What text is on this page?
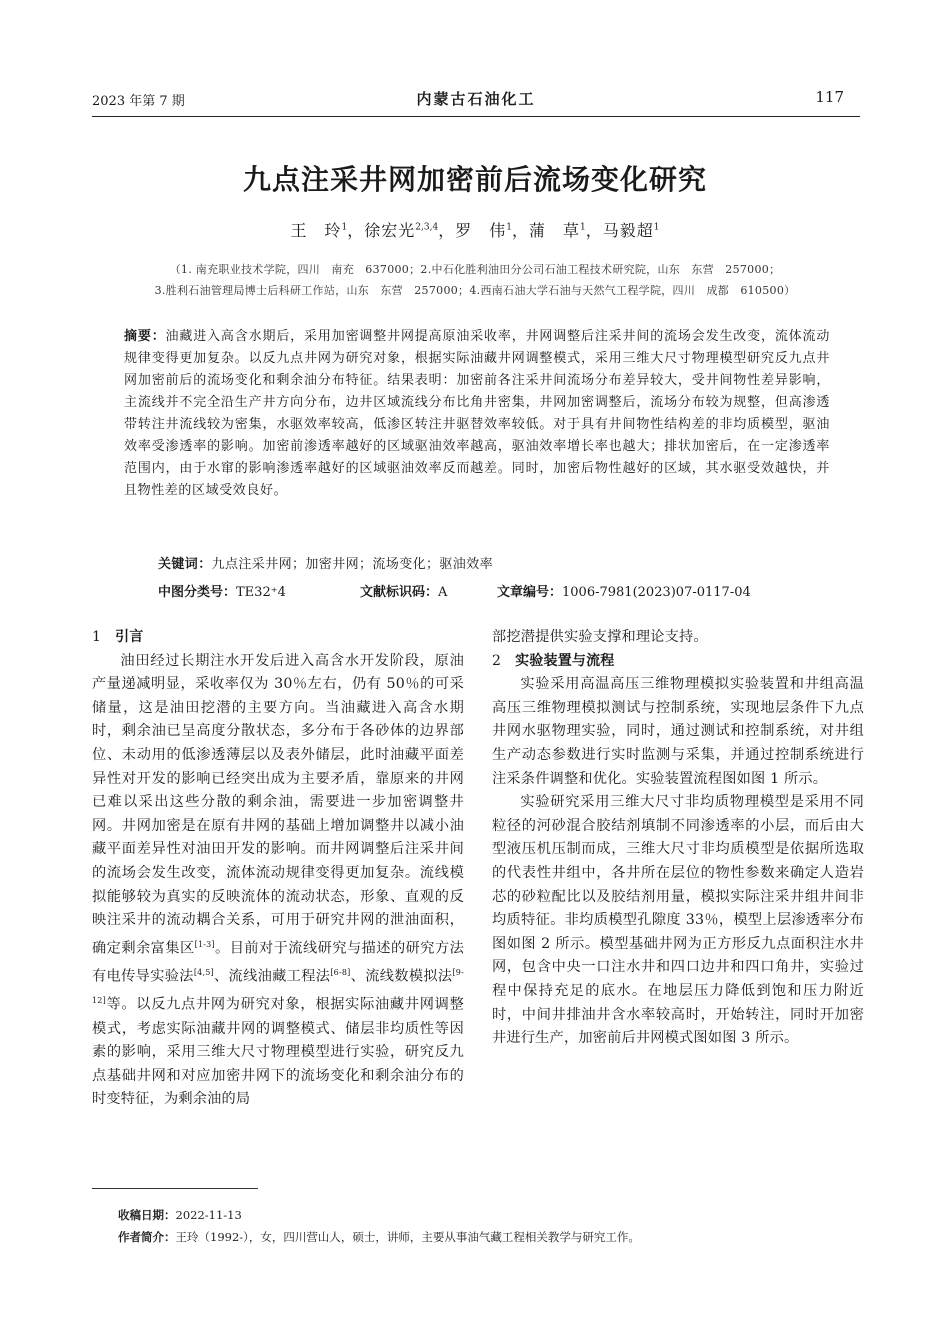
2023 年第 7 期	内蒙古石油化工	117
九点注采井网加密前后流场变化研究
王　玲$^1$，徐宏光$^{2,3,4}$，罗　伟$^1$，蒲　草$^1$，马毅超$^1$
（1. 南充职业技术学院，四川　南充　637000；2.中石化胜利油田分公司石油工程技术研究院，山东　东营　257000；
3.胜利石油管理局博士后科研工作站，山东　东营　257000；4.西南石油大学石油与天然气工程学院，四川　成都　610500）
摘要：油藏进入高含水期后，采用加密调整井网提高原油采收率，井网调整后注采井间的流场会发生改变，流体流动规律变得更加复杂。以反九点井网为研究对象，根据实际油藏井网调整模式，采用三维大尺寸物理模型研究反九点井网加密前后的流场变化和剩余油分布特征。结果表明：加密前各注采井间流场分布差异较大，受井间物性差异影响，主流线并不完全沿生产井方向分布，边井区域流线分布比角井密集，井网加密调整后，流场分布较为规整，但高渗透带转注井流线较为密集，水驱效率较高，低渗区转注井驱替效率较低。对于具有井间物性结构差的非均质模型，驱油效率受渗透率的影响。加密前渗透率越好的区域驱油效率越高，驱油效率增长率也越大；排状加密后，在一定渗透率范围内，由于水窜的影响渗透率越好的区域驱油效率反而越差。同时，加密后物性越好的区域，其水驱受效越快，并且物性差的区域受效良好。
关键词：九点注采井网；加密井网；流场变化；驱油效率
中图分类号：TE32⁺4	文献标识码：A	文章编号：1006-7981(2023)07-0117-04

1 引言

油田经过长期注水开发后进入高含水开发阶段，原油产量递减明显，采收率仅为 30％左右，仍有 50％的可采储量，这是油田挖潜的主要方向。当油藏进入高含水期时，剩余油已呈高度分散状态，多分布于各砂体的边界部位、未动用的低渗透薄层以及表外储层，此时油藏平面差异性对开发的影响已经突出成为主要矛盾，靠原来的井网已难以采出这些分散的剩余油，需要进一步加密调整井网。井网加密是在原有井网的基础上增加调整井以减小油藏平面差异性对油田开发的影响。而井网调整后注采井间的流场会发生改变，流体流动规律变得更加复杂。流线模拟能够较为真实的反映流体的流动状态，形象、直观的反映注采井的流动耦合关系，可用于研究井网的泄油面积，确定剩余富集区[1-3]。目前对于流线研究与描述的研究方法有电传导实验法[4,5]、流线油藏工程法[6-8]、流线数模拟法[9-12]等。以反九点井网为研究对象，根据实际油藏井网调整模式，考虑实际油藏井网的调整模式、储层非均质性等因素的影响，采用三维大尺寸物理模型进行实验，研究反九点基础井网和对应加密井网下的流场变化和剩余油分布的时变特征，为剩余油的局

部挖潜提供实验支撑和理论支持。

2 实验装置与流程

实验采用高温高压三维物理模拟实验装置和井组高温高压三维物理模拟测试与控制系统，实现地层条件下九点井网水驱物理实验，同时，通过测试和控制系统，对井组生产动态参数进行实时监测与采集，并通过控制系统进行注采条件调整和优化。实验装置流程图如图 1 所示。

实验研究采用三维大尺寸非均质物理模型是采用不同粒径的河砂混合胶结剂填制不同渗透率的小层，而后由大型液压机压制而成，三维大尺寸非均质模型是依据所选取的代表性井组中，各井所在层位的物性参数来确定人造岩芯的砂粒配比以及胶结剂用量，模拟实际注采井组井间非均质特征。非均质模型孔隙度 33％，模型上层渗透率分布图如图 2 所示。模型基础井网为正方形反九点面积注水井网，包含中央一口注水井和四口边井和四口角井，实验过程中保持充足的底水。在地层压力降低到饱和压力附近时，中间井排油井含水率较高时，开始转注，同时开加密井进行生产，加密前后井网模式图如图 3 所示。

收稿日期：2022-11-13
作者简介：王玲（1992-），女，四川营山人，硕士，讲师，主要从事油气藏工程相关教学与研究工作。
